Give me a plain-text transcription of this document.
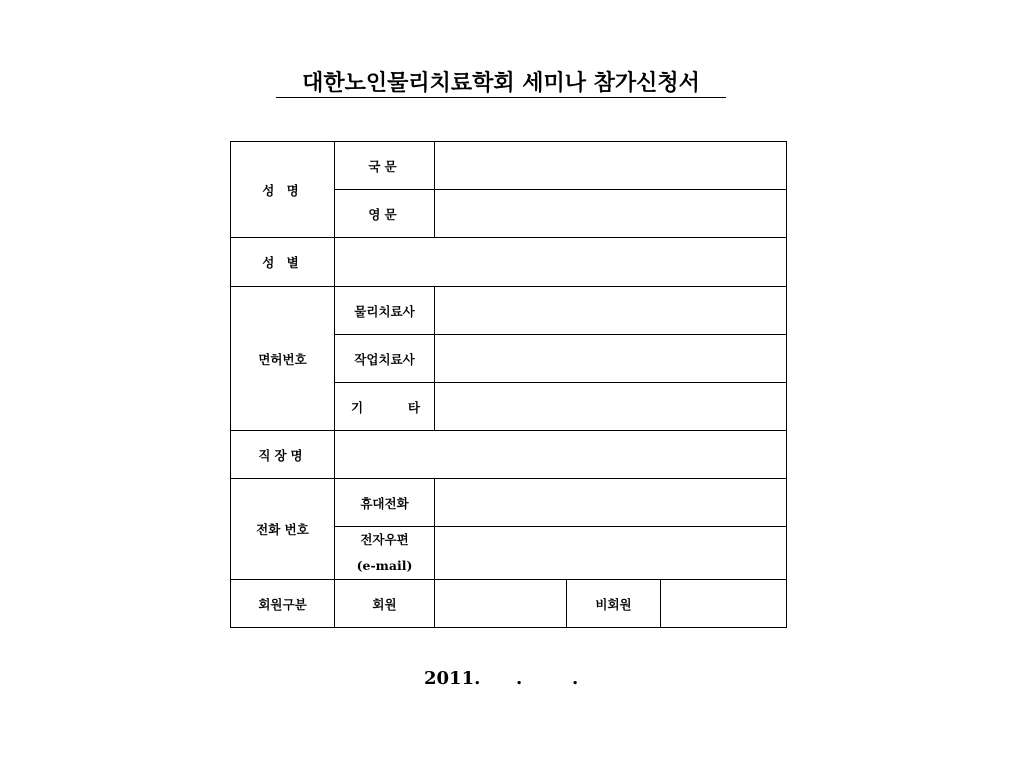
대한노인물리치료학회 세미나 참가신청서
성 명	국문			
	영문			
성 별				
면허번호	물리치료사			
	작업치료사			

	기 타			

직장명				
전화 번호	휴대전화			

	전자우편
(e-mail)			

회원구분	회원		비회원	
2011. .	.
